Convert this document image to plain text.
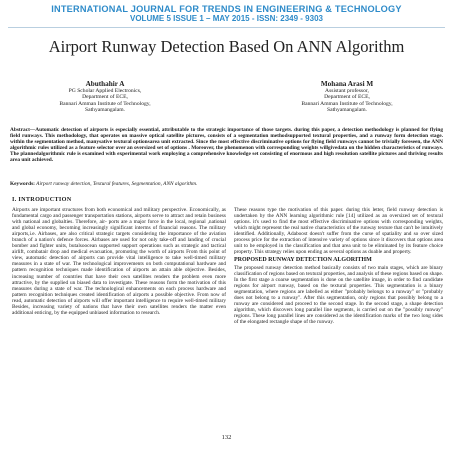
INTERNATIONAL JOURNAL FOR TRENDS IN ENGINEERING & TECHNOLOGY
VOLUME 5 ISSUE 1 – MAY 2015 - ISSN: 2349 - 9303
Airport Runway Detection Based On ANN Algorithm
Abuthahir A
PG Scholar Applied Electronics,
Department of ECE,
Bannari Amman Institute of Technology,
Sathyamangalam.
Mohana Arasi M
Assistant professor,
Department of ECE,
Bannari Amman Institute of Technology,
Sathyamangalam.
Abstract—Automatic detection of airports is especially essential, attributable to the strategic importance of those targets. during this paper, a detection methodology is planned for flying field runways. This methodology, that operates on massive optical satellite pictures, consists of a segmentation methodsupported textural properties, and a runway form detection stage. within the segmentation method, manysative textural optionsarea unit extracted. Since the most effective discriminative options for flying field runways cannot be trivially foreseen, the ANN algorithmic rules utilized as a feature selector over an oversized set of options . Moreover, the phenomenon with corresponding weights willgivedata on the hidden characteristics of runways. The plannedalgorithmic rule is examined with experimental work employing a comprehensive knowledge set consisting of enormous and high resolution satellite pictures and thriving results area unit achieved.
Keywords: Airport runway detection, Textural features, Segmentation, ANN algorithm.
I. INTRODUCTION
Airports are important structures from both economical and military perspective. Economically, as fundamental cargo and passenger transportation stations, airports serve to attract and retain business with national and globalties. Therefore, air- ports are a major force in the local, regional ,national and global economy, becoming increasingly significant interms of financial reasons. The military airports,i.e. Airbases, are also critical strategic targets considering the importance of the aviation branch of a nation's defence forces. Airbases are used for not only take-off and landing of crucial bomber and fighter units, butalsoocean supported support operations such as strategic and tactical airlift, combatair drop and medical evacuation, promoting the worth of airports From this point of view, automatic detection of airports can provide vital intelligence to take well-timed military measures in a state of war. The technological improvements on both computational hardware and pattern recognition techniques made identification of airports an attain able objective. Besides, increasing number of countries that have their own satellites renders the problem even more attractive, by the supplied un biased data to investigate. These reasons form the motivation of this measures during a state of war. The technological enhancements on each process hardware and pattern recognition techniques created identification of airports a possible objective. From now of read, automatic detection of airports will offer important intelligence to require well-timed military Besides, increasing variety of nations that have their own satellites renders the matter even additional enticing, by the equipped unbiased information to research.

These reasons type the motivation of this paper. during this letter, field runway detection is undertaken by the ANN learning algorithmic rule [14] utilized as an oversized set of textural options. it's used to find the most effective discriminative options with corresponding weights, which might represent the real native characteristics of the runway texture that can't be intuitively identified. Additionally, Adaboost doesn't suffer from the curse of spatiality and so over sized process price for the extraction of intensive variety of options since it discovers that options area unit to be employed in the classification and that area unit to be eliminated by its feature choice property. This strategy relies upon ending as several options as doable and property.

PROPOSED RUNWAY DETECTION ALGORITHM

The proposed runway detection method basically consists of two main stages, which are binary classification of regions based on textural properties, and analysis of these regions based on shape. In the first stage a coarse segmentation is done on the satellite image, in order to find candidate regions for airport runway, based on the textural properties. This segmentation is a binary segmentation, where regions are labelled as either "probably belongs to a runway" or "probably does not belong to a runway". After this segmentation, only regions that possibly belong to a runway are considered and proceed to the second stage. In the second stage, a shape detection algorithm, which discovers long parallel line segments, is carried out on the "possibly runway" regions. These long parallel lines are considered as the identification marks of the two long sides of the elongated rectangle shape of the runway.

132
